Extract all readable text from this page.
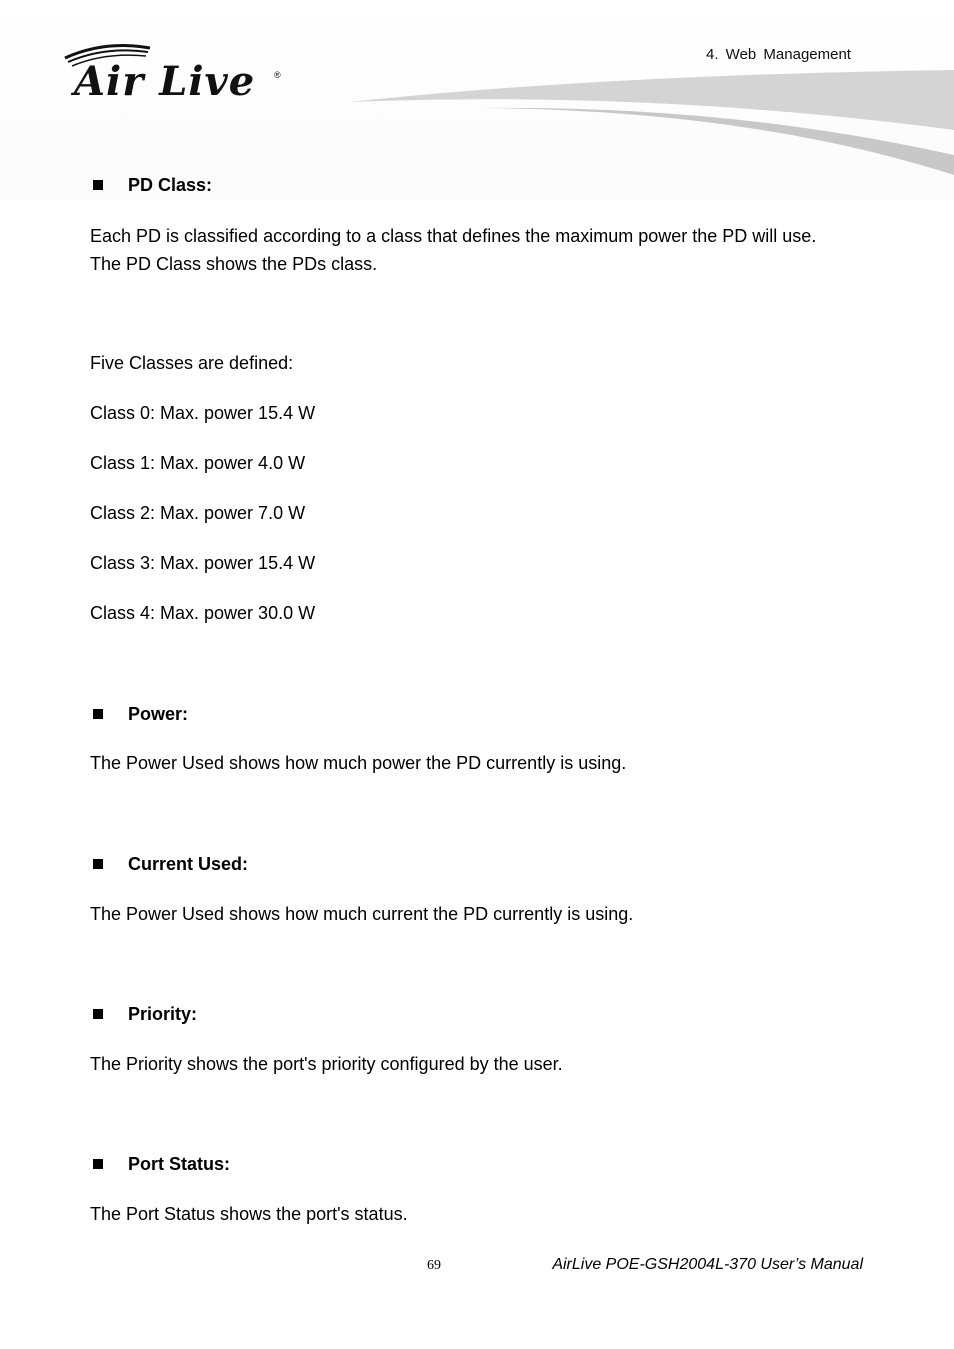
Air Live ®
4. Web Management
PD Class:
Each PD is classified according to a class that defines the maximum power the PD will use.
The PD Class shows the PDs class.
Five Classes are defined:
Class 0: Max. power 15.4 W
Class 1: Max. power 4.0 W
Class 2: Max. power 7.0 W
Class 3: Max. power 15.4 W
Class 4: Max. power 30.0 W
Power:
The Power Used shows how much power the PD currently is using.
Current Used:
The Power Used shows how much current the PD currently is using.
Priority:
The Priority shows the port's priority configured by the user.
Port Status:
The Port Status shows the port's status.
69	AirLive POE-GSH2004L-370 User’s Manual
